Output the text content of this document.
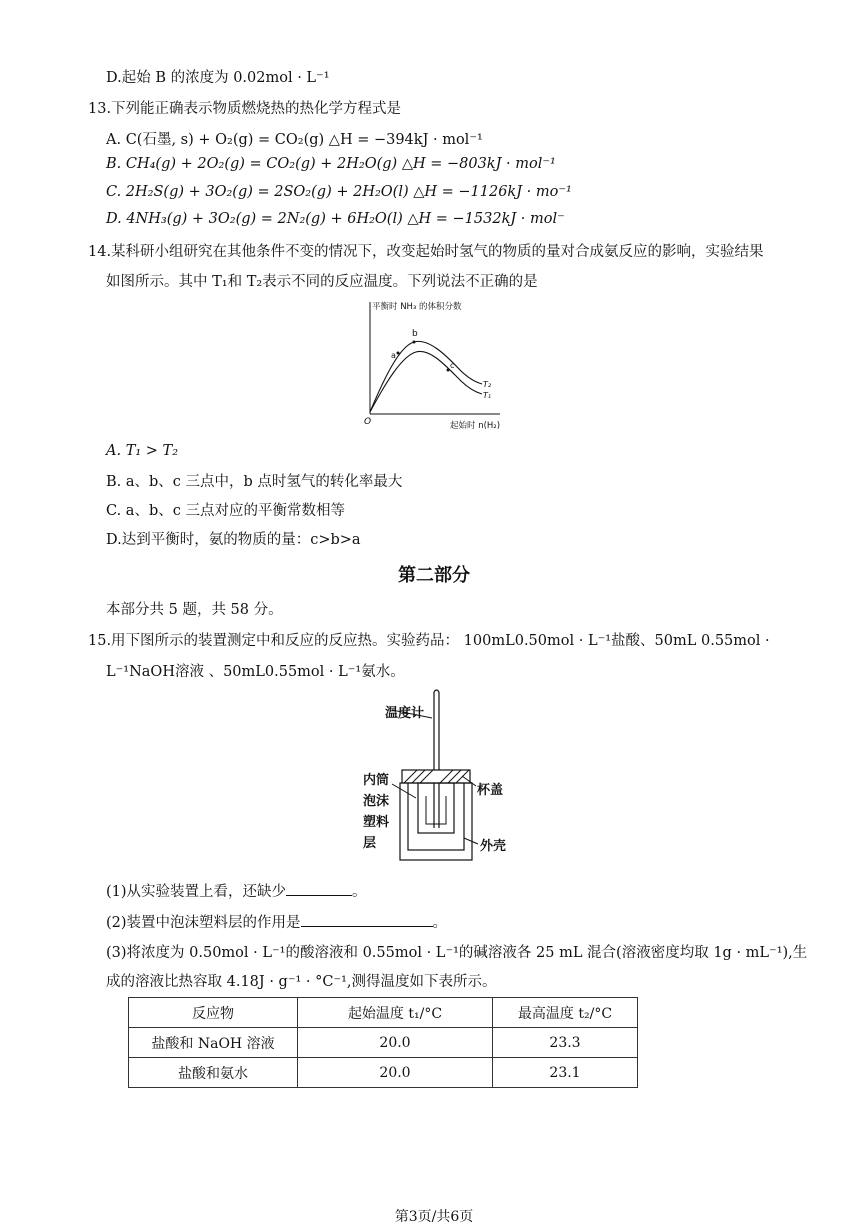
D.起始 B 的浓度为 0.02mol · L⁻¹
13.下列能正确表示物质燃烧热的热化学方程式是
A. C(石墨, s) + O₂(g) = CO₂(g) △H = −394kJ · mol⁻¹
B. CH₄(g) + 2O₂(g) = CO₂(g) + 2H₂O(g) △H = −803kJ · mol⁻¹
C. 2H₂S(g) + 3O₂(g) = 2SO₂(g) + 2H₂O(l) △H = −1126kJ · mo⁻¹
D. 4NH₃(g) + 3O₂(g) = 2N₂(g) + 6H₂O(l) △H = −1532kJ · mol⁻
14.某科研小组研究在其他条件不变的情况下，改变起始时氢气的物质的量对合成氨反应的影响，实验结果
如图所示。其中 T₁和 T₂表示不同的反应温度。下列说法不正确的是
平衡时 NH₃ 的体积分数
起始时 n(H₂)
O
a
b
c
T₂
T₁
A. T₁ > T₂
B. a、b、c 三点中，b 点时氢气的转化率最大
C. a、b、c 三点对应的平衡常数相等
D.达到平衡时，氨的物质的量：c>b>a
第二部分
本部分共 5 题，共 58 分。
15.用下图所示的装置测定中和反应的反应热。实验药品： 100mL0.50mol · L⁻¹盐酸、50mL 0.55mol ·
L⁻¹NaOH溶液 、50mL0.55mol · L⁻¹氨水。
温度计
内筒
泡沫
塑料
层
杯盖
外壳
(1)从实验装置上看，还缺少	。
(2)装置中泡沫塑料层的作用是	。
(3)将浓度为 0.50mol · L⁻¹的酸溶液和 0.55mol · L⁻¹的碱溶液各 25 mL 混合(溶液密度均取 1g · mL⁻¹),生
成的溶液比热容取 4.18J · g⁻¹ · °C⁻¹,测得温度如下表所示。
反应物	起始温度 t₁/°C	最高温度 t₂/°C
盐酸和 NaOH 溶液	20.0	23.3
盐酸和氨水	20.0	23.1
第3页/共6页
